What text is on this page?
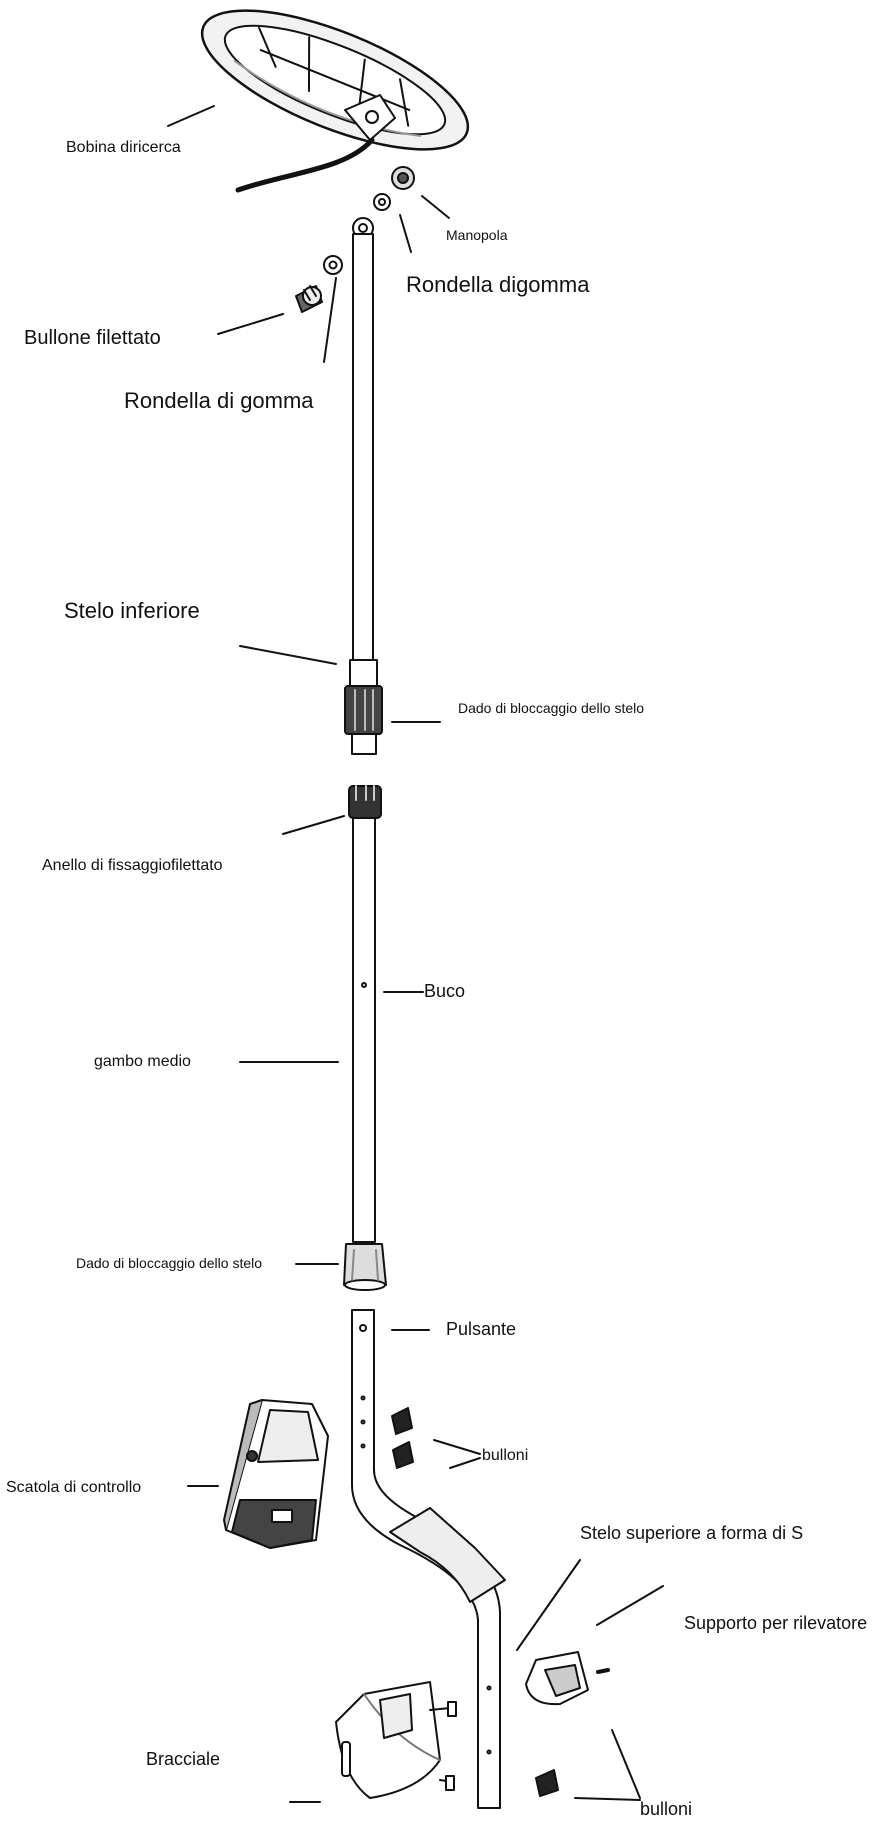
Bobina diricerca
Manopola
Rondella digomma
Bullone filettato
Rondella di gomma
Stelo inferiore
Dado di bloccaggio dello stelo
Anello di fissaggiofilettato
Buco
gambo medio
Dado di bloccaggio dello stelo
Pulsante
bulloni
Scatola di controllo
Stelo superiore a forma di S
Supporto per rilevatore
Bracciale
bulloni
